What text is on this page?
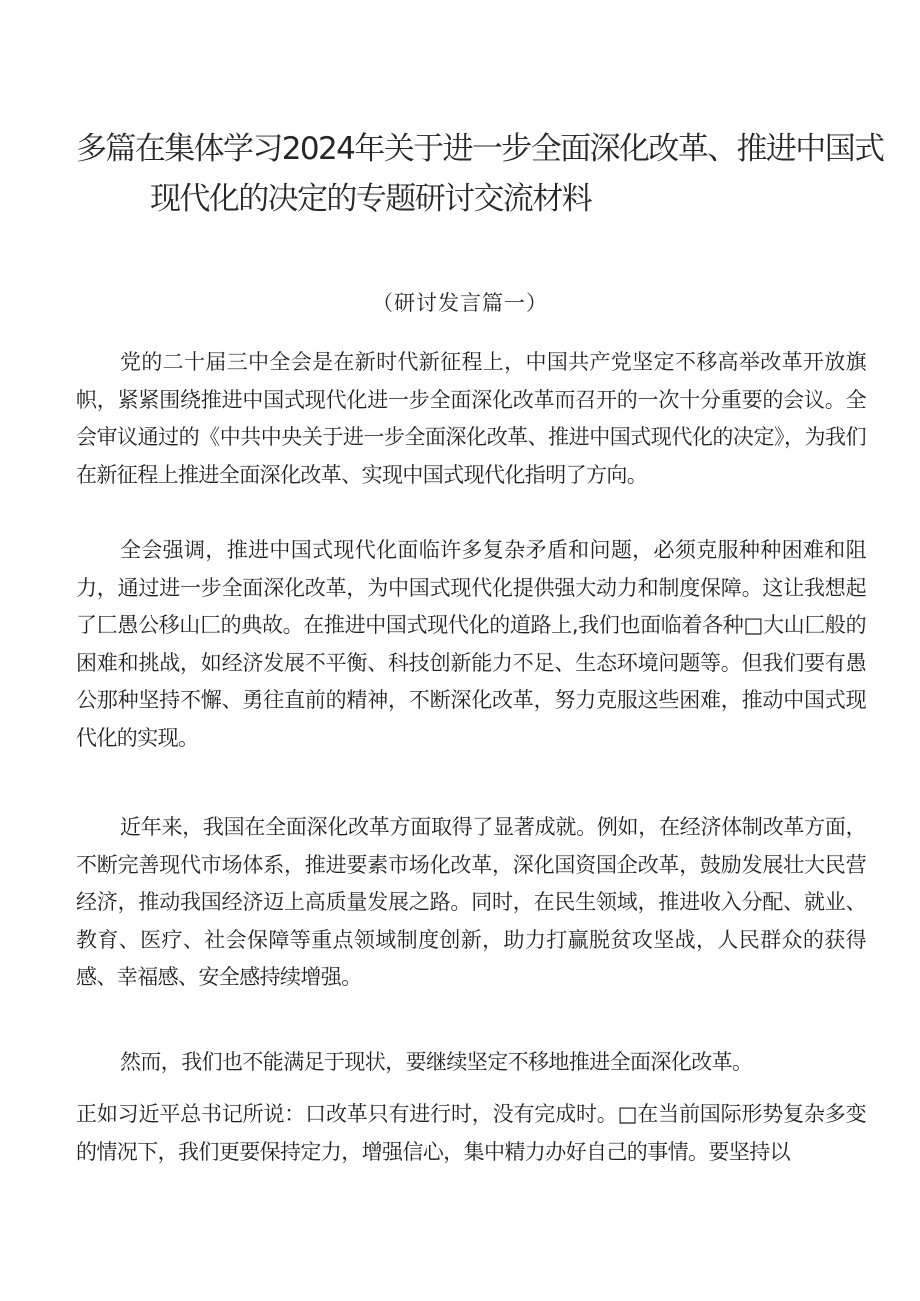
多篇在集体学习2024年关于进一步全面深化改革、推进中国式
现代化的决定的专题研讨交流材料
（研讨发言篇一）

党的二十届三中全会是在新时代新征程上，中国共产党坚定不移高举改革开放旗帜，紧紧围绕推进中国式现代化进一步全面深化改革而召开的一次十分重要的会议。全会审议通过的《中共中央关于进一步全面深化改革、推进中国式现代化的决定》，为我们在新征程上推进全面深化改革、实现中国式现代化指明了方向。

全会强调，推进中国式现代化面临许多复杂矛盾和问题，必须克服种种困难和阻力，通过进一步全面深化改革，为中国式现代化提供强大动力和制度保障。这让我想起了匚愚公移山匚的典故。在推进中国式现代化的道路上,我们也面临着各种□大山匚般的困难和挑战，如经济发展不平衡、科技创新能力不足、生态环境问题等。但我们要有愚公那种坚持不懈、勇往直前的精神，不断深化改革，努力克服这些困难，推动中国式现代化的实现。

近年来，我国在全面深化改革方面取得了显著成就。例如，在经济体制改革方面，不断完善现代市场体系，推进要素市场化改革，深化国资国企改革，鼓励发展壮大民营经济，推动我国经济迈上高质量发展之路。同时，在民生领域，推进收入分配、就业、教育、医疗、社会保障等重点领域制度创新，助力打赢脱贫攻坚战，人民群众的获得感、幸福感、安全感持续增强。

然而，我们也不能满足于现状，要继续坚定不移地推进全面深化改革。

正如习近平总书记所说：口改革只有进行时，没有完成时。□在当前国际形势复杂多变的情况下，我们更要保持定力，增强信心，集中精力办好自己的事情。要坚持以
